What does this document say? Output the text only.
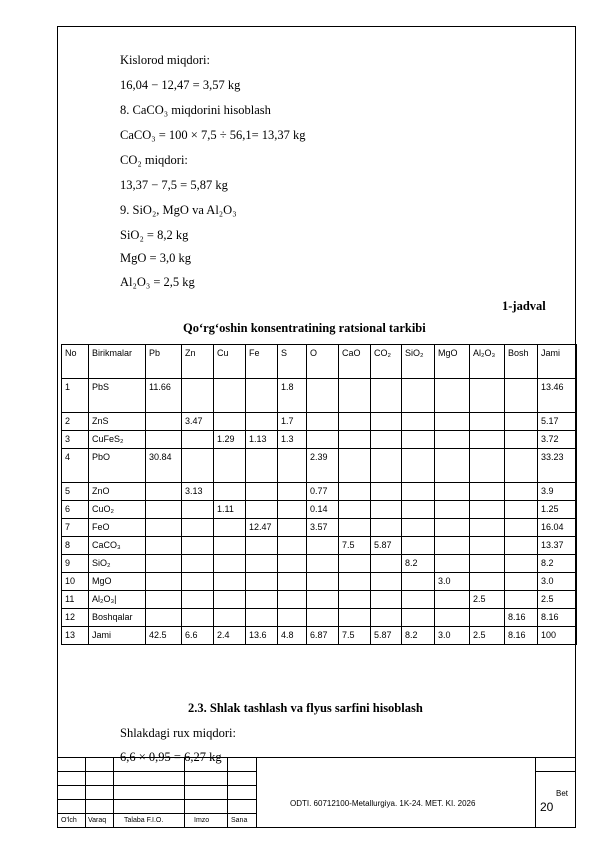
Kislorod miqdori:
16,04 − 12,47 = 3,57 kg
8. CaCO₃ miqdorini hisoblash
CaCO₃ = 100 × 7,5 ÷ 56,1= 13,37 kg
CO₂ miqdori:
13,37 − 7,5 = 5,87 kg
9. SiO₂, MgO va Al₂O₃
SiO₂ = 8,2 kg
MgO = 3,0 kg
Al₂O₃ = 2,5 kg
1-jadval
Qo‘rg‘oshin konsentratining ratsional tarkibi
No	Birikmalar	Pb	Zn	Cu	Fe	S	O	CaO	CO₂	SiO₂	MgO	Al₂O₃	Bosh	Jami
1	PbS	11.66				1.8								13.46
2	ZnS		3.47			1.7								5.17
3	CuFeS₂			1.29	1.13	1.3								3.72
4	PbO	30.84					2.39							33.23
5	ZnO		3.13				0.77							3.9
6	CuO₂			1.11			0.14							1.25
7	FeO				12.47		3.57							16.04
8	CaCO₃							7.5	5.87					13.37
9	SiO₂									8.2				8.2
10	MgO										3.0			3.0
11	Al₂O₃|											2.5		2.5
12	Boshqalar												8.16	8.16
13	Jami	42.5	6.6	2.4	13.6	4.8	6.87	7.5	5.87	8.2	3.0	2.5	8.16	100
2.3. Shlak tashlash va flyus sarfini hisoblash
Shlakdagi rux miqdori:
6,6 × 0,95 = 6,27 kg
O'lch Varaq	Talaba F.I.O.	Imzo	Sana
ODTI. 60712100-Metallurgiya. 1K-24. MET. KI. 2026
Bet
20
